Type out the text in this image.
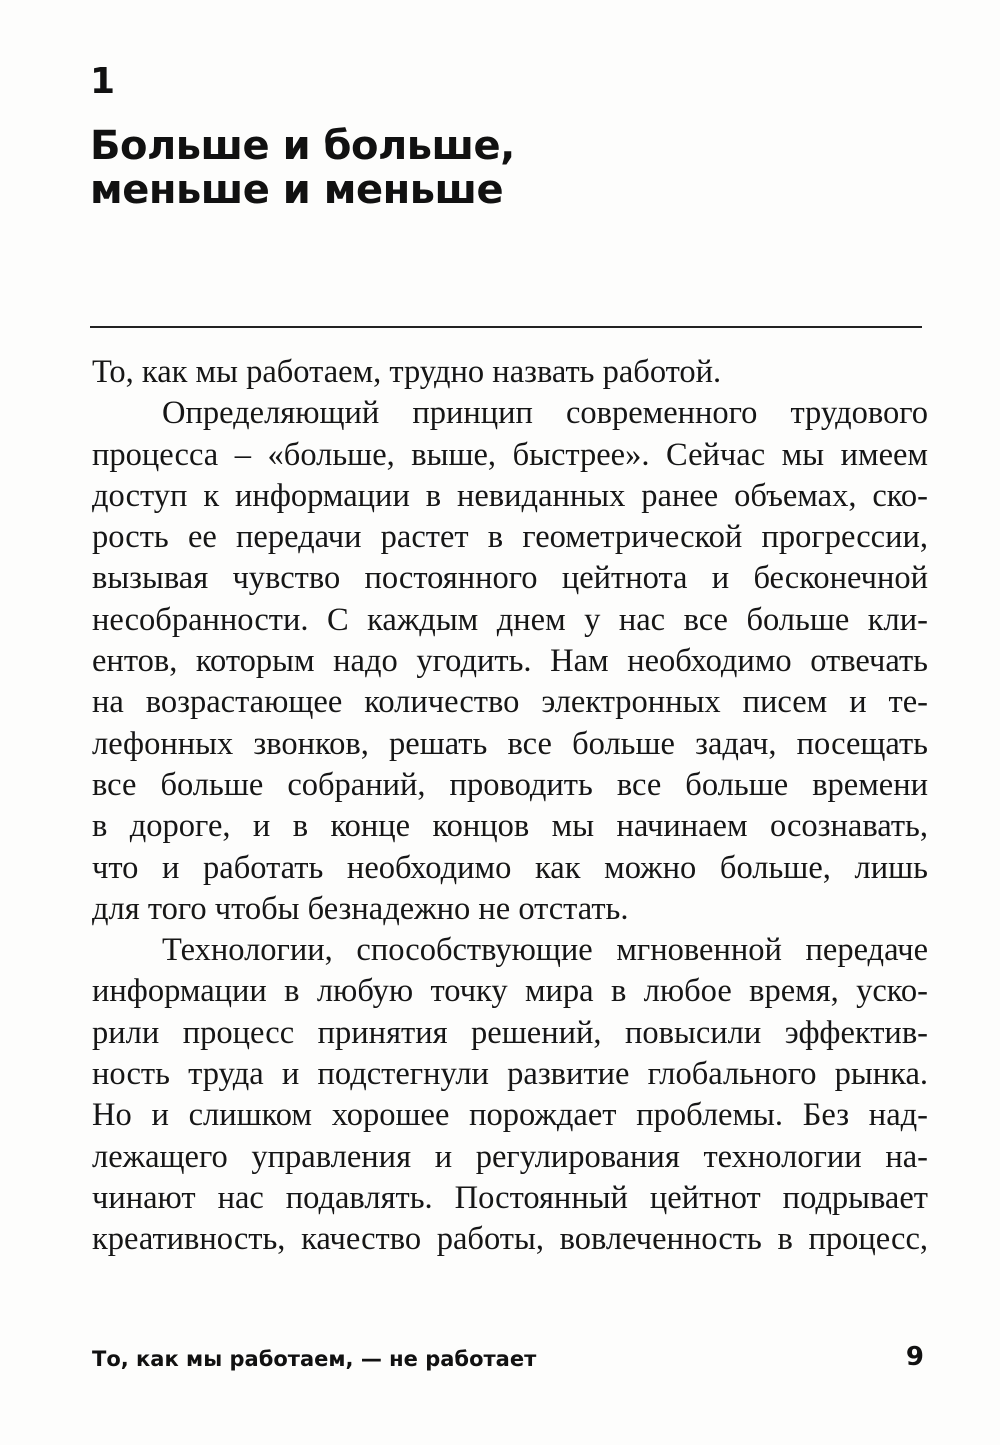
1
Больше и больше,
меньше и меньше
То, как мы работаем, трудно назвать работой.
Определяющий принцип современного трудового
процесса – «больше, выше, быстрее». Сейчас мы имеем
доступ к информации в невиданных ранее объемах, ско-
рость ее передачи растет в геометрической прогрессии,
вызывая чувство постоянного цейтнота и бесконечной
несобранности. С каждым днем у нас все больше кли-
ентов, которым надо угодить. Нам необходимо отвечать
на возрастающее количество электронных писем и те-
лефонных звонков, решать все больше задач, посещать
все больше собраний, проводить все больше времени
в дороге, и в конце концов мы начинаем осознавать,
что и работать необходимо как можно больше, лишь
для того чтобы безнадежно не отстать.
Технологии, способствующие мгновенной передаче
информации в любую точку мира в любое время, уско-
рили процесс принятия решений, повысили эффектив-
ность труда и подстегнули развитие глобального рынка.
Но и слишком хорошее порождает проблемы. Без над-
лежащего управления и регулирования технологии на-
чинают нас подавлять. Постоянный цейтнот подрывает
креативность, качество работы, вовлеченность в процесс,
То, как мы работаем, — не работает	9
